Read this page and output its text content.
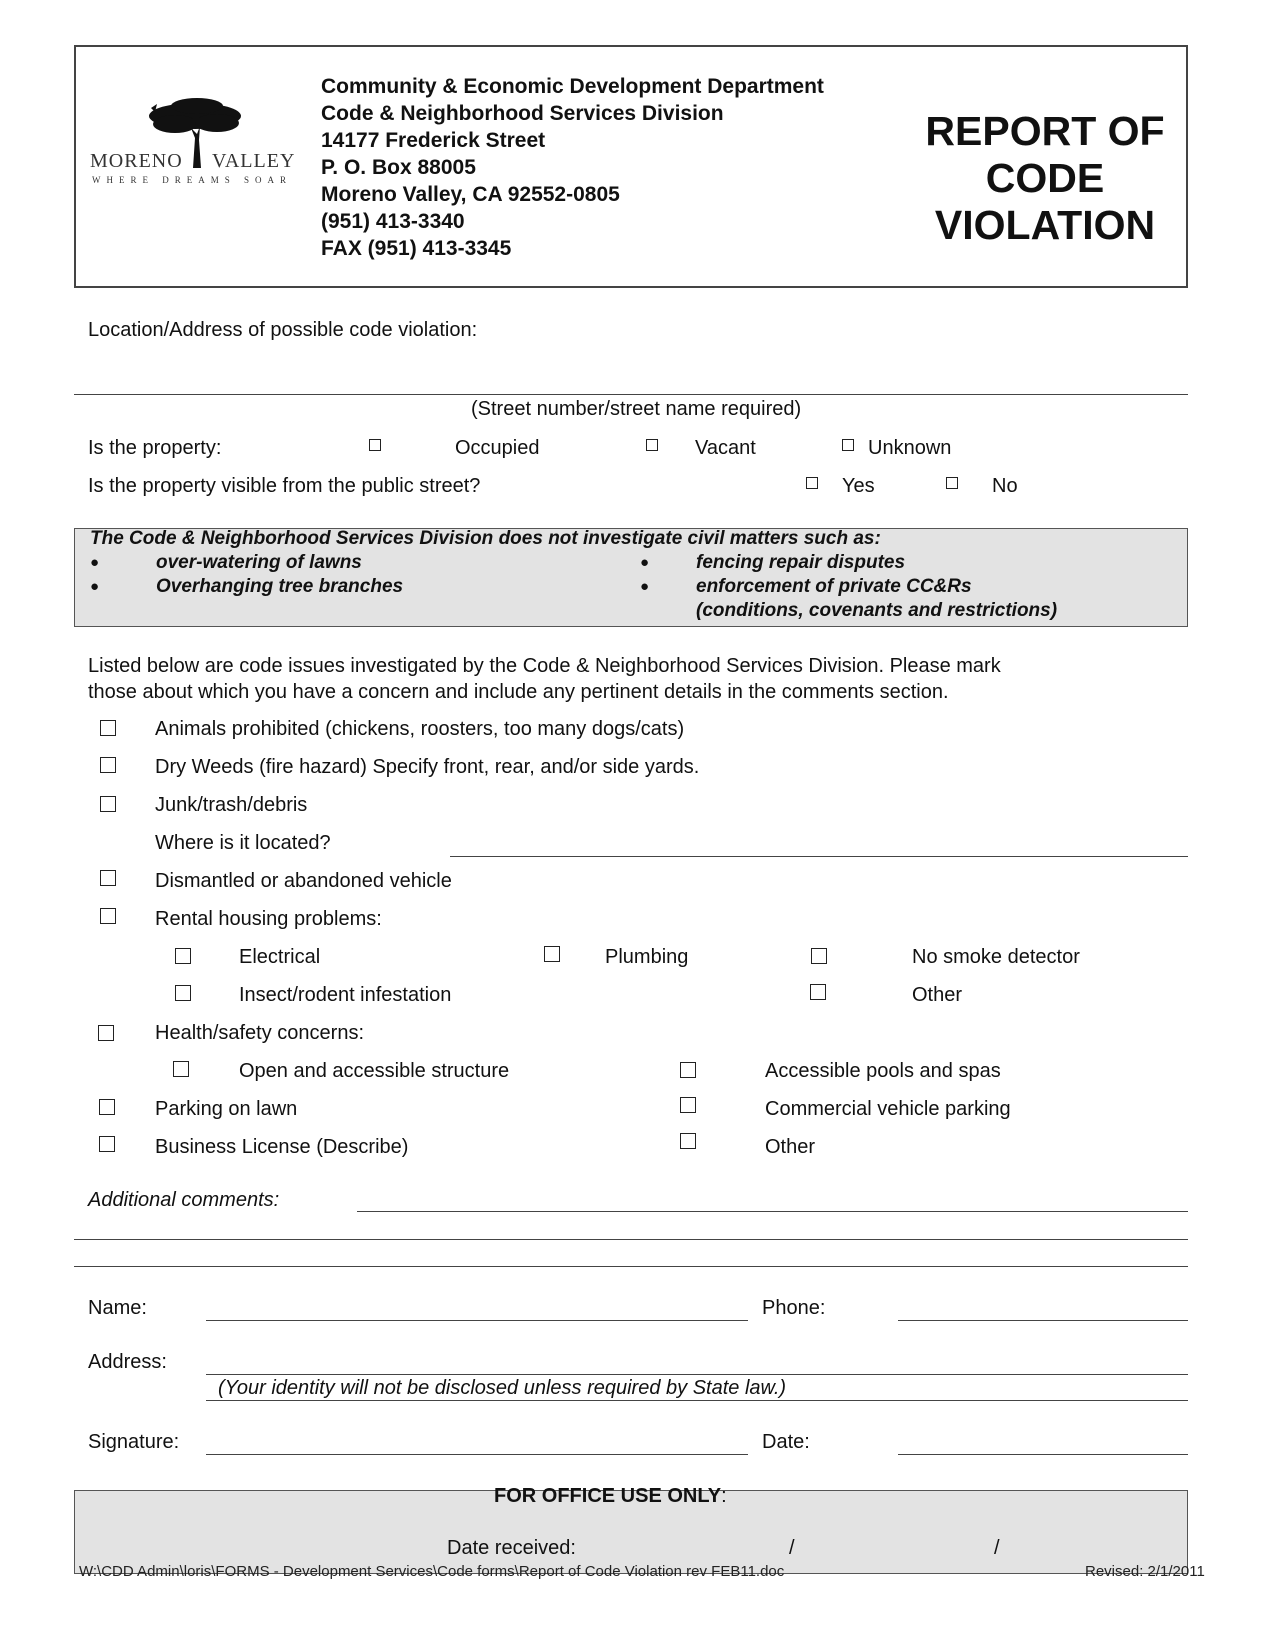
MORENO VALLEY
WHERE DREAMS SOAR
Community & Economic Development Department
Code & Neighborhood Services Division
14177 Frederick Street
P. O. Box 88005
Moreno Valley, CA 92552-0805
(951) 413-3340
FAX (951) 413-3345
REPORT OF
CODE
VIOLATION
Location/Address of possible code violation:
(Street number/street name required)
Is the property:	Occupied	Vacant	Unknown
Is the property visible from the public street?	Yes	No
The Code & Neighborhood Services Division does not investigate civil matters such as:
●	over-watering of lawns
●	Overhanging tree branches
● fencing repair disputes
● enforcement of private CC&Rs
(conditions, covenants and restrictions)
Listed below are code issues investigated by the Code & Neighborhood Services Division. Please mark
those about which you have a concern and include any pertinent details in the comments section.
Animals prohibited (chickens, roosters, too many dogs/cats)
Dry Weeds (fire hazard) Specify front, rear, and/or side yards.
Junk/trash/debris
Where is it located?
Dismantled or abandoned vehicle
Rental housing problems:
Electrical	Plumbing	No smoke detector
Insect/rodent infestation	Other
Health/safety concerns:
Open and accessible structure	Accessible pools and spas
Parking on lawn	Commercial vehicle parking
Business License (Describe)	Other
Additional comments:
Name:	Phone:
Address:
(Your identity will not be disclosed unless required by State law.)
Signature:	Date:
FOR OFFICE USE ONLY:
Date received:	/	/
W:\CDD Admin\loris\FORMS - Development Services\Code forms\Report of Code Violation rev FEB11.doc	Revised: 2/1/2011
